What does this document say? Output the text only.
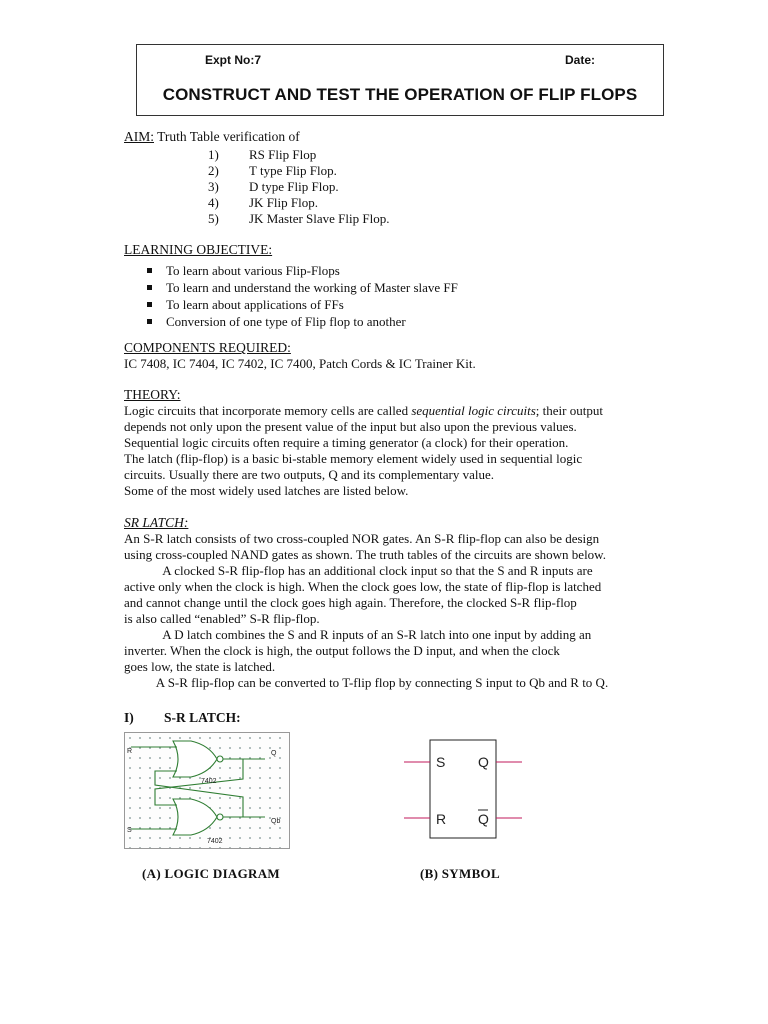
Expt No:7	Date:
CONSTRUCT AND TEST THE OPERATION OF FLIP FLOPS
AIM: Truth Table verification of
1) RS Flip Flop
2) T type Flip Flop.
3) D type Flip Flop.
4) JK Flip Flop.
5) JK Master Slave Flip Flop.
LEARNING OBJECTIVE:
To learn about various Flip-Flops
To learn and understand the working of Master slave FF
To learn about applications of FFs
Conversion of one type of Flip flop to another
COMPONENTS REQUIRED:
IC 7408, IC 7404, IC 7402, IC 7400, Patch Cords & IC Trainer Kit.
THEORY:
Logic circuits that incorporate memory cells are called sequential logic circuits; their output
depends not only upon the present value of the input but also upon the previous values.
Sequential logic circuits often require a timing generator (a clock) for their operation.
The latch (flip-flop) is a basic bi-stable memory element widely used in sequential logic
circuits. Usually there are two outputs, Q and its complementary value.
Some of the most widely used latches are listed below.
SR LATCH:
An S-R latch consists of two cross-coupled NOR gates. An S-R flip-flop can also be design
using cross-coupled NAND gates as shown. The truth tables of the circuits are shown below.
A clocked S-R flip-flop has an additional clock input so that the S and R inputs are
active only when the clock is high. When the clock goes low, the state of flip-flop is latched
and cannot change until the clock goes high again. Therefore, the clocked S-R flip-flop
is also called “enabled” S-R flip-flop.
A D latch combines the S and R inputs of an S-R latch into one input by adding an
inverter. When the clock is high, the output follows the D input, and when the clock
goes low, the state is latched.
A S-R flip-flop can be converted to T-flip flop by connecting S input to Qb and R to Q.
I) S-R LATCH:
R
S
Q
Qb
7402
7402
S
R
Q
Q
(A) LOGIC DIAGRAM	(B) SYMBOL
